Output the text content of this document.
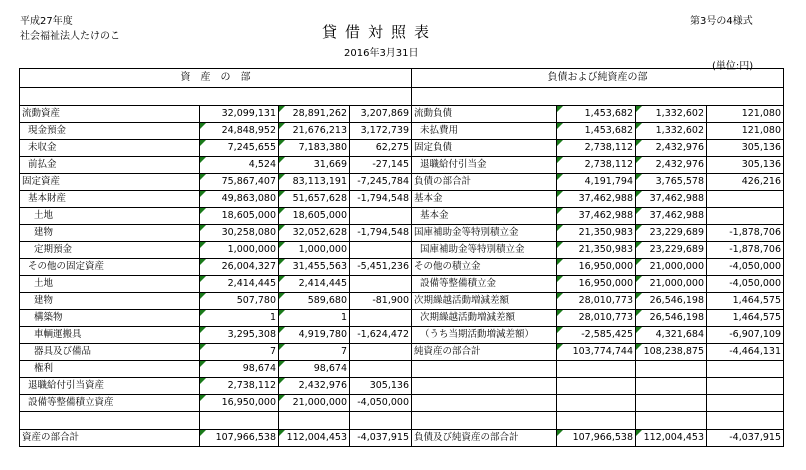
平成27年度
社会福祉法人たけのこ	貸借対照表
第3号の4様式
2016年3月31日
(単位:円)
資　産　の　部				負債および純資産の部			

流動資産	32,099,131	28,891,262	3,207,869	流動負債	1,453,682	1,332,602	121,080
現金預金	24,848,952	21,676,213	3,172,739	未払費用	1,453,682	1,332,602	121,080
未収金	7,245,655	7,183,380	62,275	固定負債	2,738,112	2,432,976	305,136
前払金	4,524	31,669	-27,145	退職給付引当金	2,738,112	2,432,976	305,136
固定資産	75,867,407	83,113,191	-7,245,784	負債の部合計	4,191,794	3,765,578	426,216
基本財産	49,863,080	51,657,628	-1,794,548	基本金	37,462,988	37,462,988	
土地	18,605,000	18,605,000		基本金	37,462,988	37,462,988	
建物	30,258,080	32,052,628	-1,794,548	国庫補助金等特別積立金	21,350,983	23,229,689	-1,878,706
定期預金	1,000,000	1,000,000		国庫補助金等特別積立金	21,350,983	23,229,689	-1,878,706
その他の固定資産	26,004,327	31,455,563	-5,451,236	その他の積立金	16,950,000	21,000,000	-4,050,000
土地	2,414,445	2,414,445		設備等整備積立金	16,950,000	21,000,000	-4,050,000
建物	507,780	589,680	-81,900	次期繰越活動増減差額	28,010,773	26,546,198	1,464,575
構築物	1	1		次期繰越活動増減差額	28,010,773	26,546,198	1,464,575
車輌運搬具	3,295,308	4,919,780	-1,624,472	（うち当期活動増減差額）	-2,585,425	4,321,684	-6,907,109
器具及び備品	7	7		純資産の部合計	103,774,744	108,238,875	-4,464,131
権利	98,674	98,674					
退職給付引当資産	2,738,112	2,432,976	305,136				
設備等整備積立資産	16,950,000	21,000,000	-4,050,000				

資産の部合計	107,966,538	112,004,453	-4,037,915	負債及び純資産の部合計	107,966,538	112,004,453	-4,037,915
